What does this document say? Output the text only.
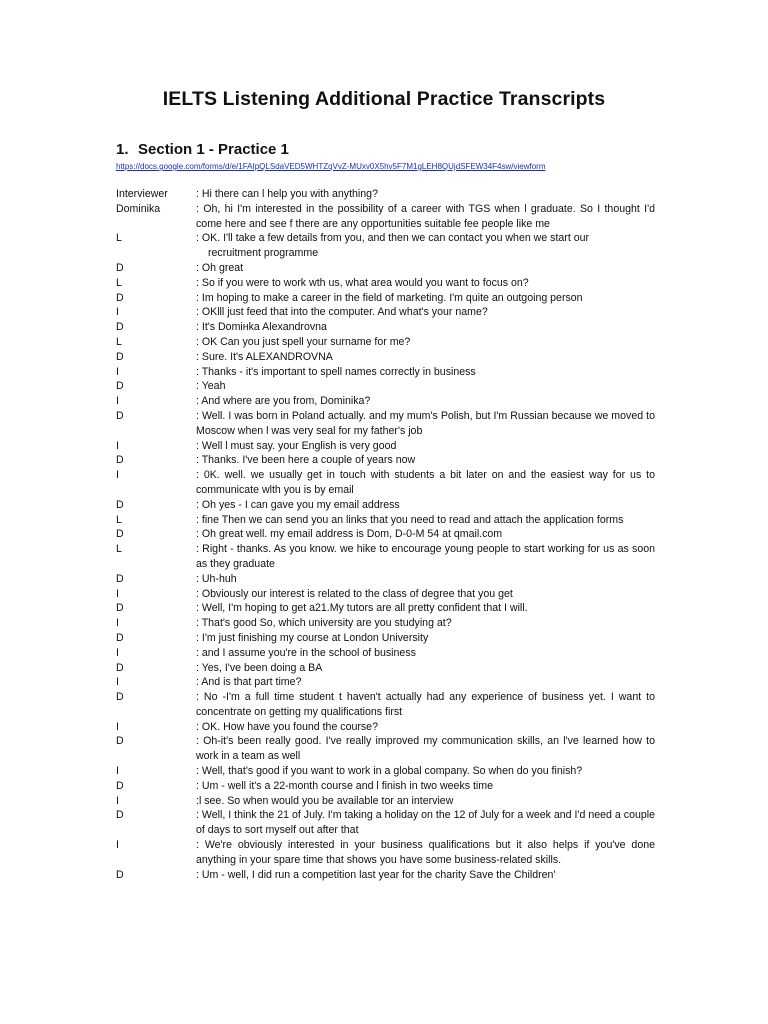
IELTS Listening Additional Practice Transcripts
1. Section 1 - Practice 1
https://docs.google.com/forms/d/e/1FAIpQLSdaVED5WHTZqVvZ-MUxv0X5hv5F7M1gLEH8QUjdSFEW34F4sw/viewform
Interviewer	: Hi there can l help you with anything?
Dominika	: Oh, hi I'm interested in the possibility of a career with TGS when l graduate. So I thought I'd come here and see f there are any opportunities suitable fee people like me
L	: OK. I'll take a few details from you, and then we can contact you when we start our
recruitment programme
D	: Oh great
L	: So if you were to work wth us, what area would you want to focus on?
D	: Im hoping to make a career in the field of marketing. I'm quite an outgoing person
I	: OKlll just feed that into the computer. And what's your name?
D	: It's Domінka Alexandrovna
L	: OK Can you just spell your surname for me?
D	: Sure. It's ALEXANDROVNA
I	: Thanks - it's important to spell names correctly in business
D	: Yeah
I	: And where are you from, Dominika?
D	: Well. I was born in Poland actually. and my mum's Polish, but I'm Russian because we moved to Moscow when l was very seal for my father's job
I	: Well l must say. your English is very good
D	: Thanks. I've been here a couple of years now
I	: 0K. well. we usually get in touch with students a bit later on and the easiest way for us to communicate wlth you is by email
D	: Oh yes - I can gave you my email address
L	: fine Then we can send you an links that you need to read and attach the application forms
D	: Oh great well. my email address is Dom, D-0-M 54 at qmail.com
L	: Right - thanks. As you know. we hike to encourage young people to start working for us as soon as they graduate
D	: Uh-huh
I	: Obviously our interest is related to the class of degree that you get
D	: Well, I'm hoping to get a21.My tutors are all pretty confident that I will.
I	: That's good So, which university are you studying at?
D	: I'm just finishing my course at London University
I	: and I assume you're in the school of business
D	: Yes, I've been doing a BA
I	: And is that part time?
D	: No -I'm a full time student t haven't actually had any experience of business yet. I want to concentrate on getting my qualifications first
I	: OK. How have you found the course?
D	: Oh-it's been really good. I've really improved my communication skills, an l've learned how to work in a team as well
I	: Well, that's good if you want to work in a global company. So when do you finish?
D	: Um - well it's a 22-month course and l finish in two weeks time
I	:l see. So when would you be available tor an interview
D	: Well, I think the 21 of July. I'm taking a holiday on the 12 of July for a week and I'd need a couple of days to sort myself out after that
I	: We're obviously interested in your business qualifications but it also helps if you've done anything in your spare time that shows you have some business-related skills.
D	: Um - well, I did run a competition last year for the charity Save the Children'
